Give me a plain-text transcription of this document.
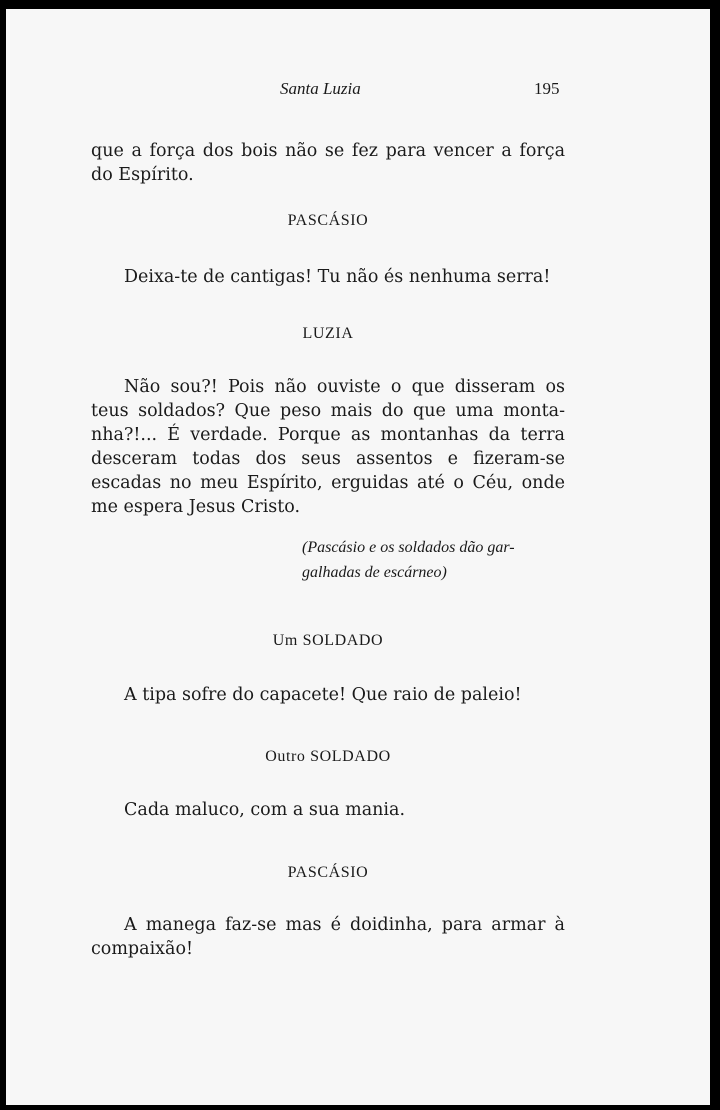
Santa Luzia	195

que a força dos bois não se fez para vencer a força do Espírito.

PASCÁSIO

Deixa-te de cantigas! Tu não és nenhuma serra!

LUZIA

Não sou?! Pois não ouviste o que disseram os teus soldados? Que peso mais do que uma monta-nha?!... É verdade. Porque as montanhas da terra desceram todas dos seus assentos e fizeram-se escadas no meu Espírito, erguidas até o Céu, onde me espera Jesus Cristo.

(Pascásio e os soldados dão gar-galhadas de escárneo)

Um SOLDADO

A tipa sofre do capacete! Que raio de paleio!

Outro SOLDADO

Cada maluco, com a sua mania.

PASCÁSIO

A manega faz-se mas é doidinha, para armar à compaixão!
